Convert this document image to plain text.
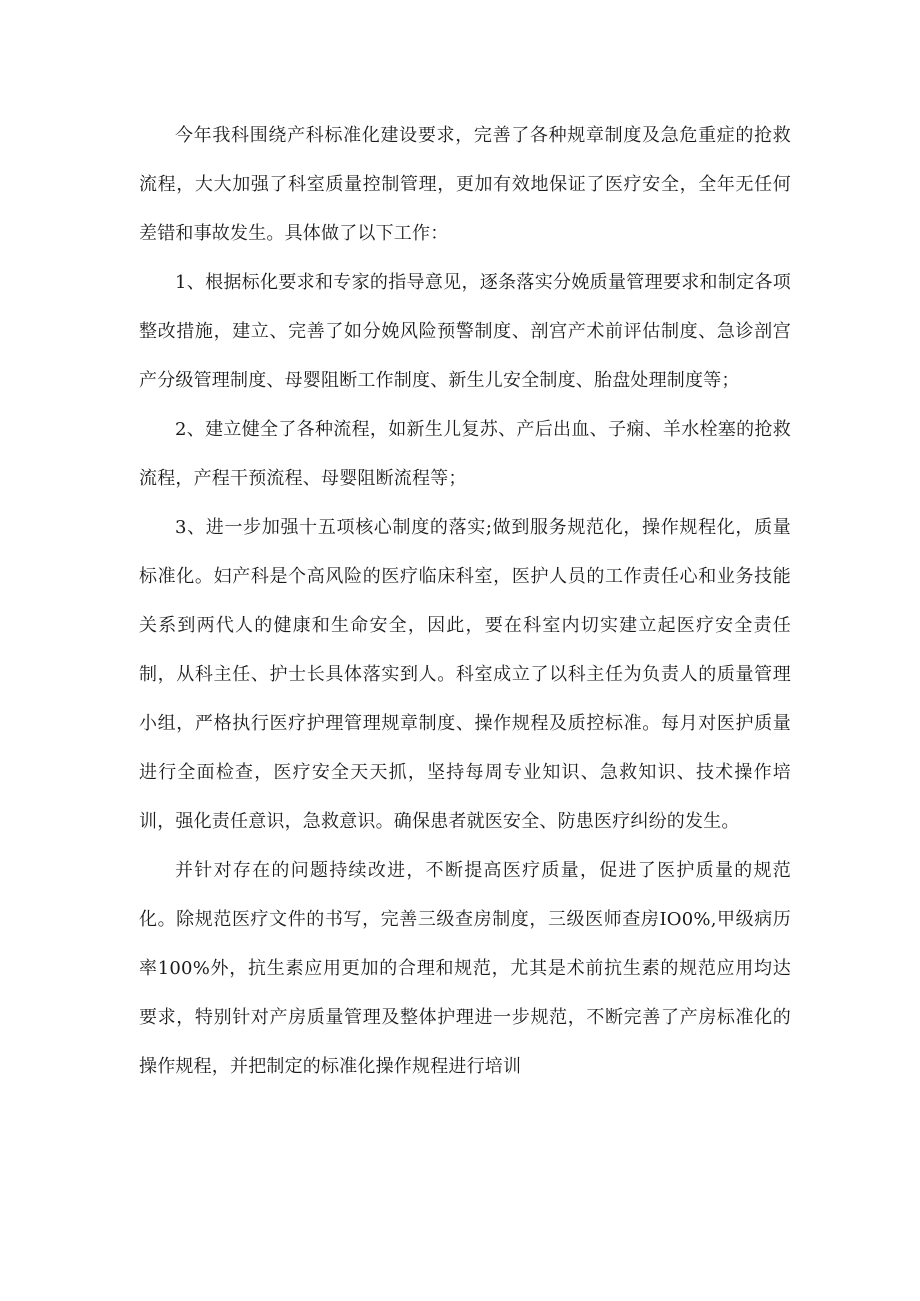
今年我科围绕产科标准化建设要求，完善了各种规章制度及急危重症的抢救流程，大大加强了科室质量控制管理，更加有效地保证了医疗安全，全年无任何差错和事故发生。具体做了以下工作：

1、根据标化要求和专家的指导意见，逐条落实分娩质量管理要求和制定各项整改措施，建立、完善了如分娩风险预警制度、剖宫产术前评估制度、急诊剖宫产分级管理制度、母婴阻断工作制度、新生儿安全制度、胎盘处理制度等；

2、建立健全了各种流程，如新生儿复苏、产后出血、子痫、羊水栓塞的抢救流程，产程干预流程、母婴阻断流程等；

3、进一步加强十五项核心制度的落实;做到服务规范化，操作规程化，质量标准化。妇产科是个高风险的医疗临床科室，医护人员的工作责任心和业务技能关系到两代人的健康和生命安全，因此，要在科室内切实建立起医疗安全责任制，从科主任、护士长具体落实到人。科室成立了以科主任为负责人的质量管理小组，严格执行医疗护理管理规章制度、操作规程及质控标准。每月对医护质量进行全面检查，医疗安全天天抓，坚持每周专业知识、急救知识、技术操作培训，强化责任意识，急救意识。确保患者就医安全、防患医疗纠纷的发生。

并针对存在的问题持续改进，不断提高医疗质量，促进了医护质量的规范化。除规范医疗文件的书写，完善三级查房制度，三级医师查房IO0%,甲级病历率100%外，抗生素应用更加的合理和规范，尤其是术前抗生素的规范应用均达要求，特别针对产房质量管理及整体护理进一步规范，不断完善了产房标准化的操作规程，并把制定的标准化操作规程进行培训
